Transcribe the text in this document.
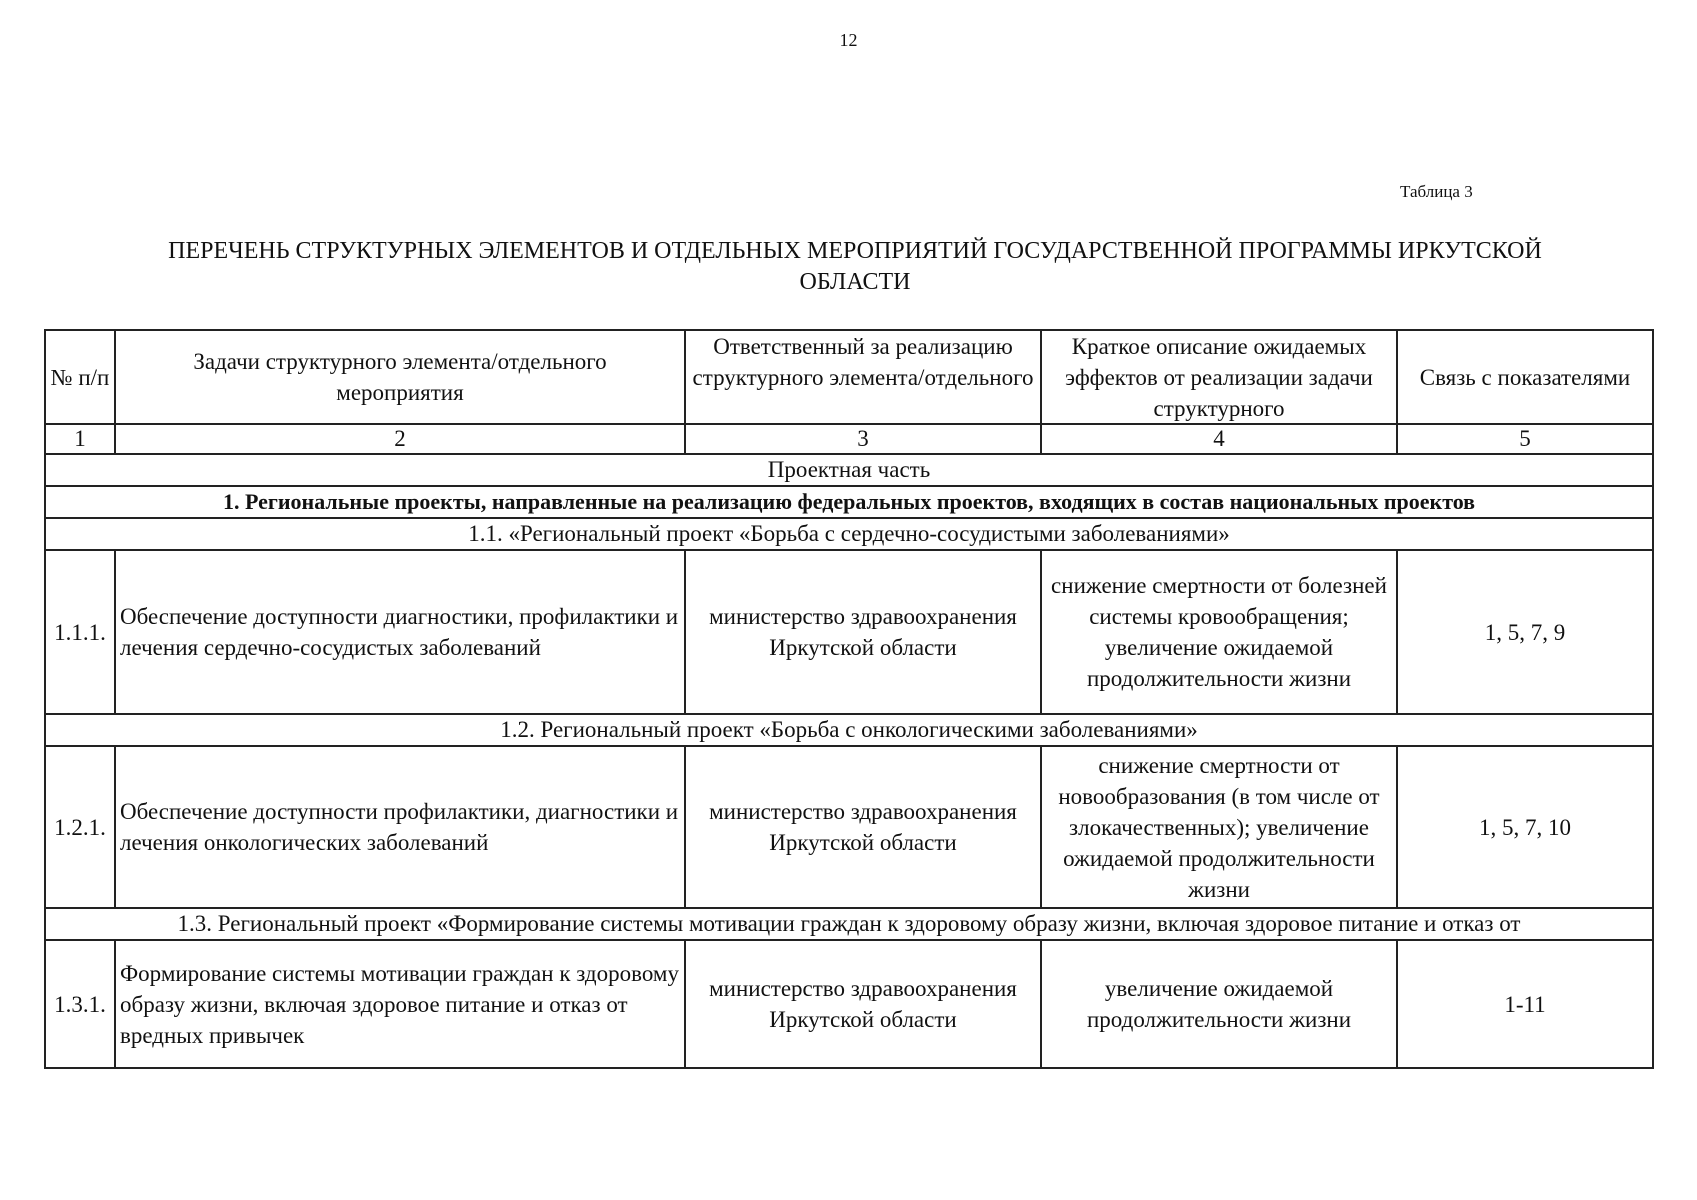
12
Таблица 3
ПЕРЕЧЕНЬ СТРУКТУРНЫХ ЭЛЕМЕНТОВ И ОТДЕЛЬНЫХ МЕРОПРИЯТИЙ ГОСУДАРСТВЕННОЙ ПРОГРАММЫ ИРКУТСКОЙ
ОБЛАСТИ
№ п/п	Задачи структурного элемента/отдельного мероприятия	Ответственный за реализацию структурного элемента/отдельного	Краткое описание ожидаемых эффектов от реализации задачи структурного	Связь с показателями

1	2	3	4	5
Проектная часть				
1. Региональные проекты, направленные на реализацию федеральных проектов, входящих в состав национальных проектов				
1.1. «Региональный проект «Борьба с сердечно-сосудистыми заболеваниями»				
1.1.1.	Обеспечение доступности диагностики, профилактики и лечения сердечно-сосудистых заболеваний	министерство здравоохранения Иркутской области	снижение смертности от болезней системы кровообращения; увеличение ожидаемой продолжительности жизни	1, 5, 7, 9
1.2. Региональный проект «Борьба с онкологическими заболеваниями»				
1.2.1.	Обеспечение доступности профилактики, диагностики и лечения онкологических заболеваний	министерство здравоохранения Иркутской области	снижение смертности от новообразования (в том числе от злокачественных); увеличение ожидаемой продолжительности жизни	1, 5, 7, 10
1.3. Региональный проект «Формирование системы мотивации граждан к здоровому образу жизни, включая здоровое питание и отказ от				
1.3.1.	Формирование системы мотивации граждан к здоровому образу жизни, включая здоровое питание и отказ от вредных привычек	министерство здравоохранения Иркутской области	увеличение ожидаемой продолжительности жизни	1-11
